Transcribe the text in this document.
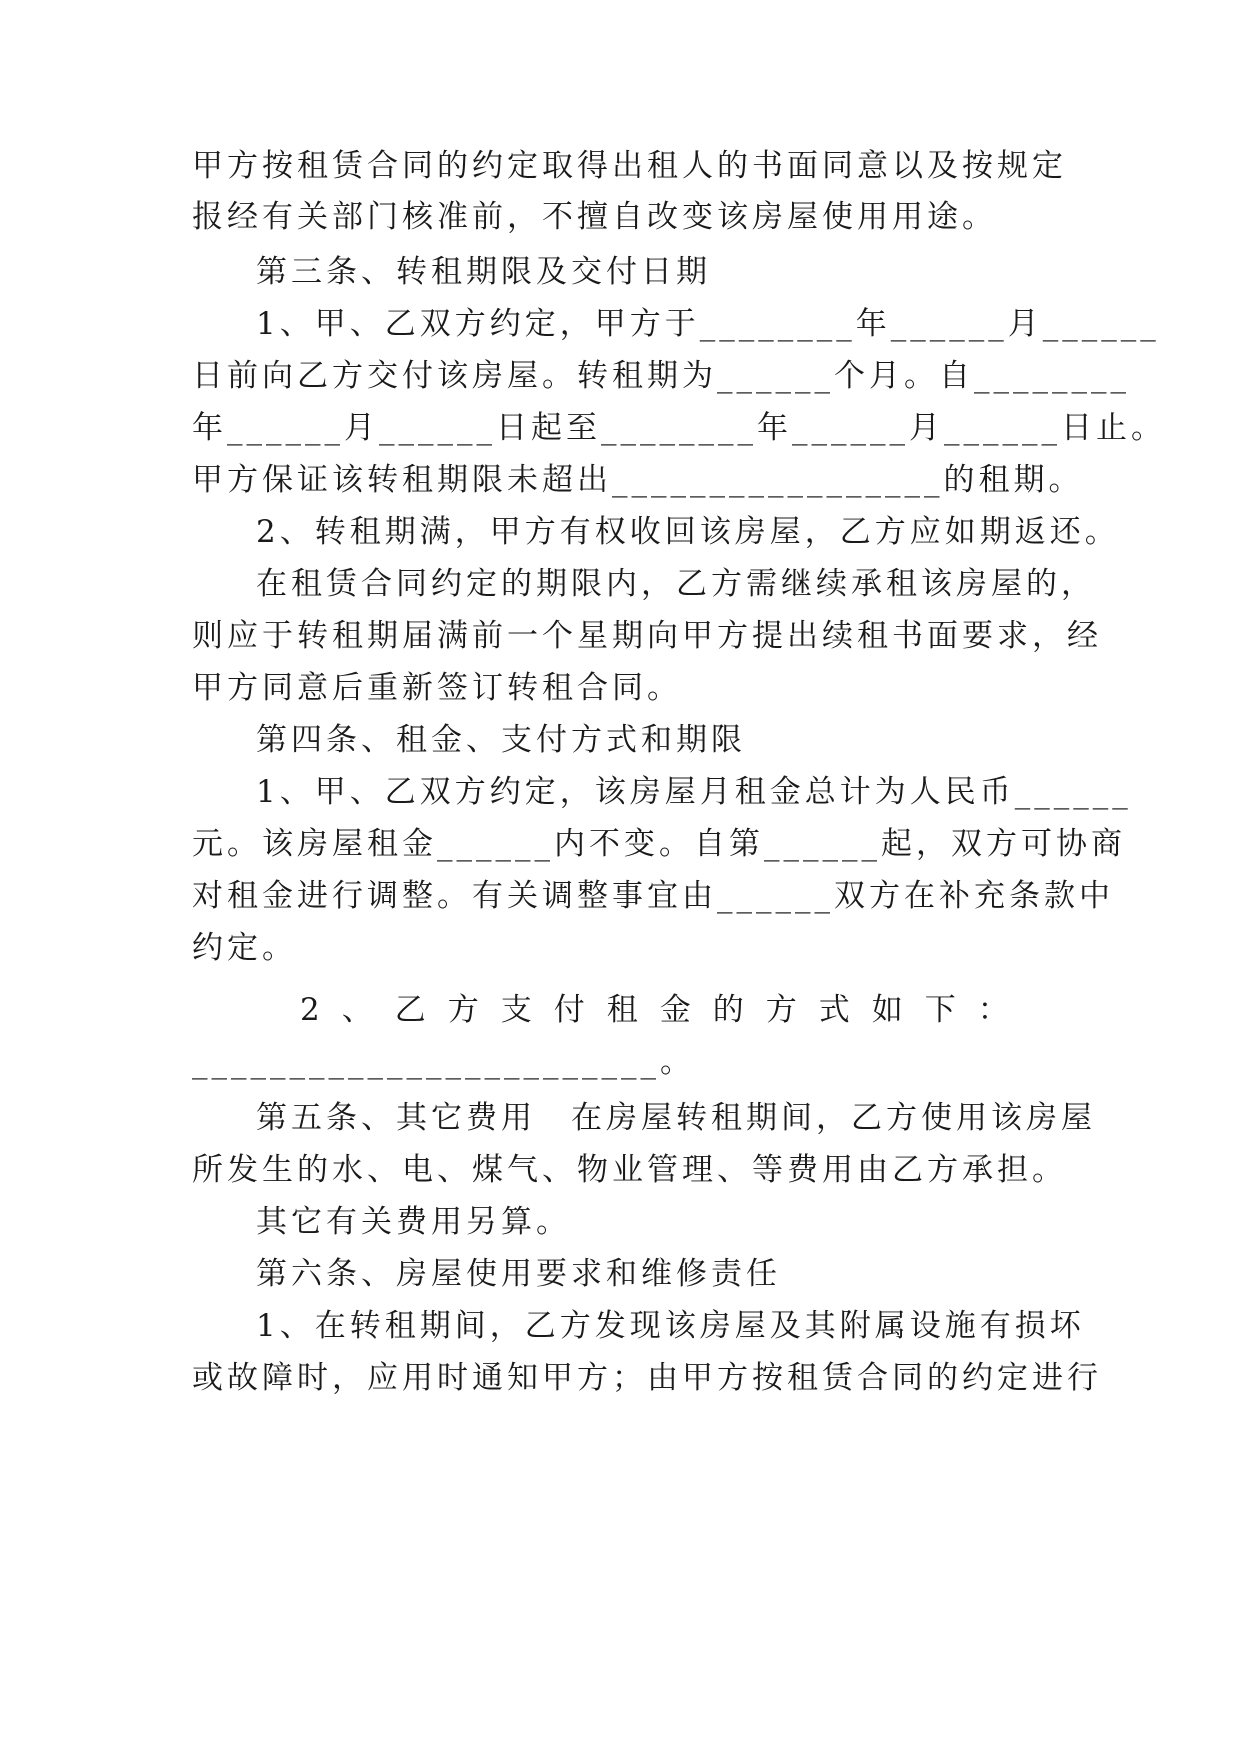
甲方按租赁合同的约定取得出租人的书面同意以及按规定
报经有关部门核准前，不擅自改变该房屋使用用途。
第三条、转租期限及交付日期
1、甲、乙双方约定，甲方于________年______月______
日前向乙方交付该房屋。转租期为______个月。自________
年______月______日起至________年______月______日止。
甲方保证该转租期限未超出_________________的租期。
2、转租期满，甲方有权收回该房屋，乙方应如期返还。
在租赁合同约定的期限内，乙方需继续承租该房屋的，
则应于转租期届满前一个星期向甲方提出续租书面要求，经
甲方同意后重新签订转租合同。
第四条、租金、支付方式和期限
1、甲、乙双方约定，该房屋月租金总计为人民币______
元。该房屋租金______内不变。自第______起，双方可协商
对租金进行调整。有关调整事宜由______双方在补充条款中
约定。
2、乙方支付租金的方式如下：
________________________。
第五条、其它费用　在房屋转租期间，乙方使用该房屋
所发生的水、电、煤气、物业管理、等费用由乙方承担。
其它有关费用另算。
第六条、房屋使用要求和维修责任
1、在转租期间，乙方发现该房屋及其附属设施有损坏
或故障时，应用时通知甲方；由甲方按租赁合同的约定进行
